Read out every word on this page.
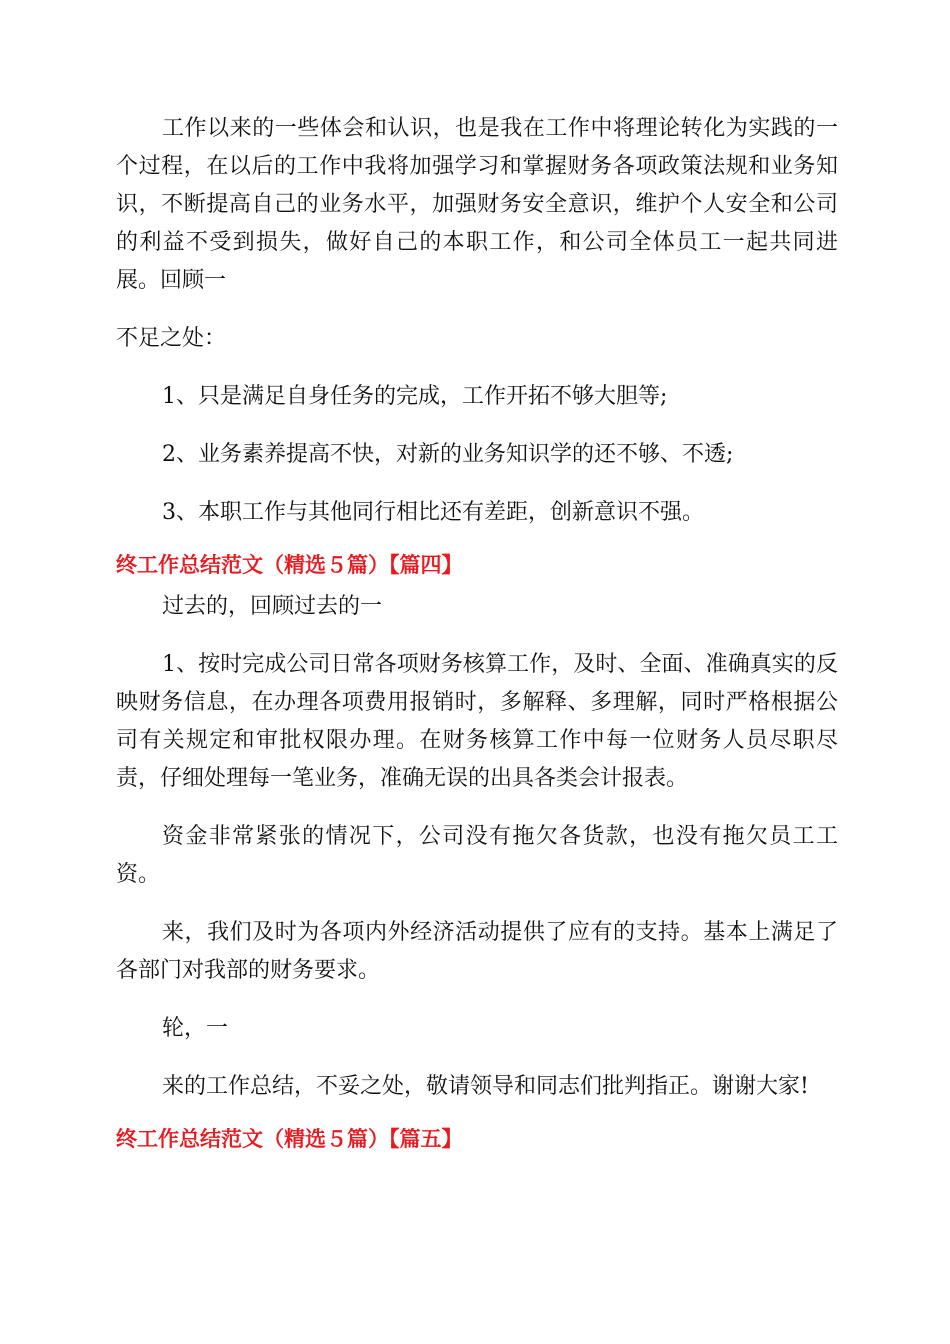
工作以来的一些体会和认识，也是我在工作中将理论转化为实践的一个过程，在以后的工作中我将加强学习和掌握财务各项政策法规和业务知识，不断提高自己的业务水平，加强财务安全意识，维护个人安全和公司的利益不受到损失，做好自己的本职工作，和公司全体员工一起共同进展。回顾一

不足之处：

1、只是满足自身任务的完成，工作开拓不够大胆等;

2、业务素养提高不快，对新的业务知识学的还不够、不透;

3、本职工作与其他同行相比还有差距，创新意识不强。

终工作总结范文（精选５篇）【篇四】

过去的，回顾过去的一

1、按时完成公司日常各项财务核算工作，及时、全面、准确真实的反映财务信息，在办理各项费用报销时，多解释、多理解，同时严格根据公司有关规定和审批权限办理。在财务核算工作中每一位财务人员尽职尽责，仔细处理每一笔业务，准确无误的出具各类会计报表。

资金非常紧张的情况下，公司没有拖欠各货款，也没有拖欠员工工资。

来，我们及时为各项内外经济活动提供了应有的支持。基本上满足了各部门对我部的财务要求。

轮，一

来的工作总结，不妥之处，敬请领导和同志们批判指正。谢谢大家!

终工作总结范文（精选５篇）【篇五】
